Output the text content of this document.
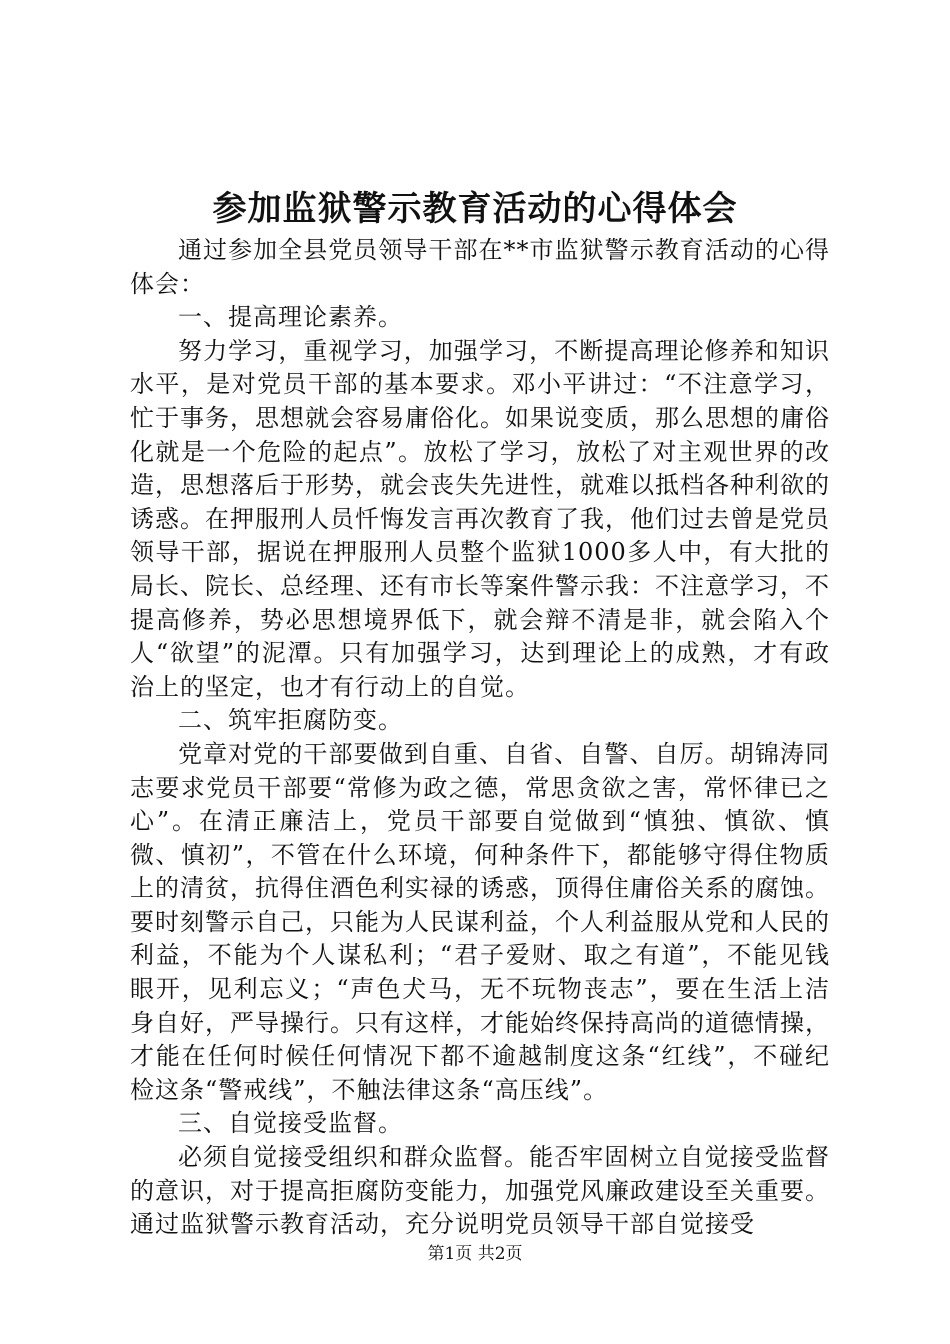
参加监狱警示教育活动的心得体会

通过参加全县党员领导干部在**市监狱警示教育活动的心得体会：

一、提高理论素养。

努力学习，重视学习，加强学习，不断提高理论修养和知识水平，是对党员干部的基本要求。邓小平讲过：“不注意学习，忙于事务，思想就会容易庸俗化。如果说变质，那么思想的庸俗化就是一个危险的起点”。放松了学习，放松了对主观世界的改造，思想落后于形势，就会丧失先进性，就难以抵档各种利欲的诱惑。在押服刑人员忏悔发言再次教育了我，他们过去曾是党员领导干部，据说在押服刑人员整个监狱1000多人中，有大批的局长、院长、总经理、还有市长等案件警示我：不注意学习，不提高修养，势必思想境界低下，就会辩不清是非，就会陷入个人“欲望”的泥潭。只有加强学习，达到理论上的成熟，才有政治上的坚定，也才有行动上的自觉。

二、筑牢拒腐防变。

党章对党的干部要做到自重、自省、自警、自厉。胡锦涛同志要求党员干部要“常修为政之德，常思贪欲之害，常怀律已之心”。在清正廉洁上，党员干部要自觉做到“慎独、慎欲、慎微、慎初”，不管在什么环境，何种条件下，都能够守得住物质上的清贫，抗得住酒色利实禄的诱惑，顶得住庸俗关系的腐蚀。要时刻警示自己，只能为人民谋利益，个人利益服从党和人民的利益，不能为个人谋私利；“君子爱财、取之有道”，不能见钱眼开，见利忘义；“声色犬马，无不玩物丧志”，要在生活上洁身自好，严导操行。只有这样，才能始终保持高尚的道德情操，才能在任何时候任何情况下都不逾越制度这条“红线”，不碰纪检这条“警戒线”，不触法律这条“高压线”。

三、自觉接受监督。

必须自觉接受组织和群众监督。能否牢固树立自觉接受监督的意识，对于提高拒腐防变能力，加强党风廉政建设至关重要。通过监狱警示教育活动，充分说明党员领导干部自觉接受

第1页 共2页
